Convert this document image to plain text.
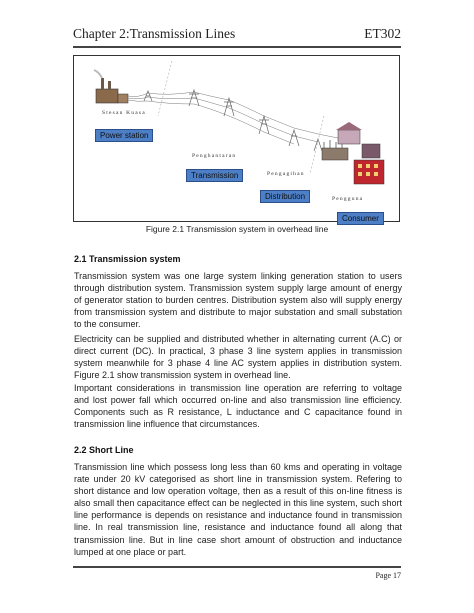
Chapter 2:Transmission Lines	ET302
Stesan Kuasa
Power station
Penghantaran
Transmission	Pengagihan
Distribution	Pengguna
Consumer
Figure 2.1 Transmission system in overhead line
2.1 Transmission system
Transmission system was one large system linking generation station to users through distribution system. Transmission system supply large amount of energy of generator station to burden centres. Distribution system also will supply energy from transmission system and distribute to major substation and small substation to the consumer.
Electricity can be supplied and distributed whether in alternating current (A.C) or direct current (DC). In practical, 3 phase 3 line system applies in transmission system meanwhile for 3 phase 4 line AC system applies in distribution system. Figure 2.1 show transmission system in overhead line.
Important considerations in transmission line operation are referring to voltage and lost power fall which occurred on-line and also transmission line efficiency. Components such as R resistance, L inductance and C capacitance found in transmission line influence that circumstances.
2.2 Short Line
Transmission line which possess long less than 60 kms and operating in voltage rate under 20 kV categorised as short line in transmission system. Refering to short distance and low operation voltage, then as a result of this on-line fitness is also small then capacitance effect can be neglected in this line system, such short line performance is depends on resistance and inductance found in transmission line. In real transmission line, resistance and inductance found all along that transmission line. But in line case short amount of obstruction and inductance lumped at one place or part.
Page 17
